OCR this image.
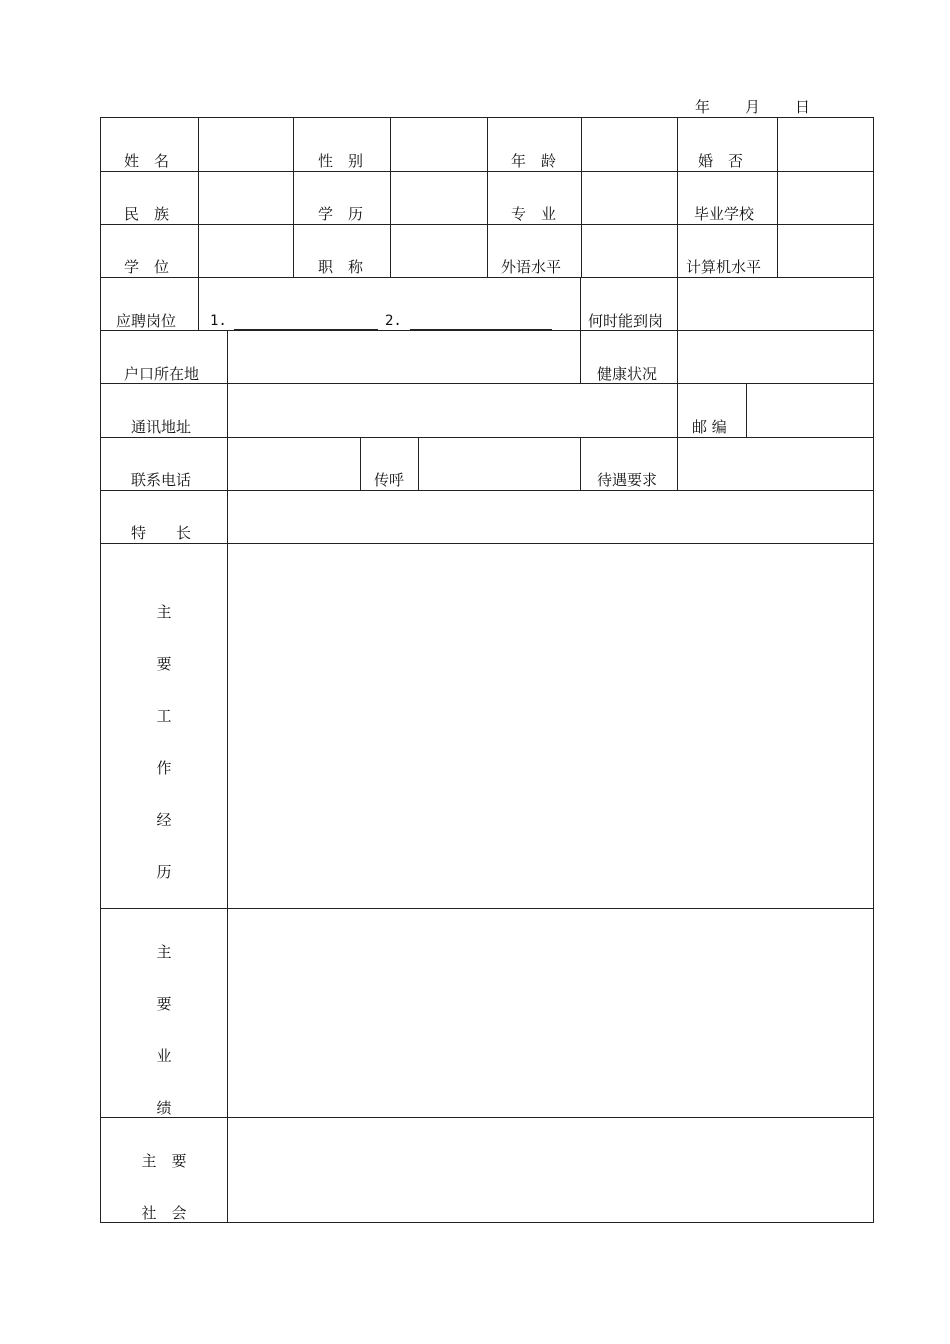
年 月 日
姓　名	性　别	年　龄	婚　否
民　族	学　历	专　业	毕业学校
学　位	职　称	外语水平	计算机水平
应聘岗位 1.	2.	何时能到岗
户口所在地	健康状况
通讯地址	邮 编
联系电话	传呼	待遇要求
特　　长
主
要
工
作
经
历
主
要
业
绩
主　要
社　会
